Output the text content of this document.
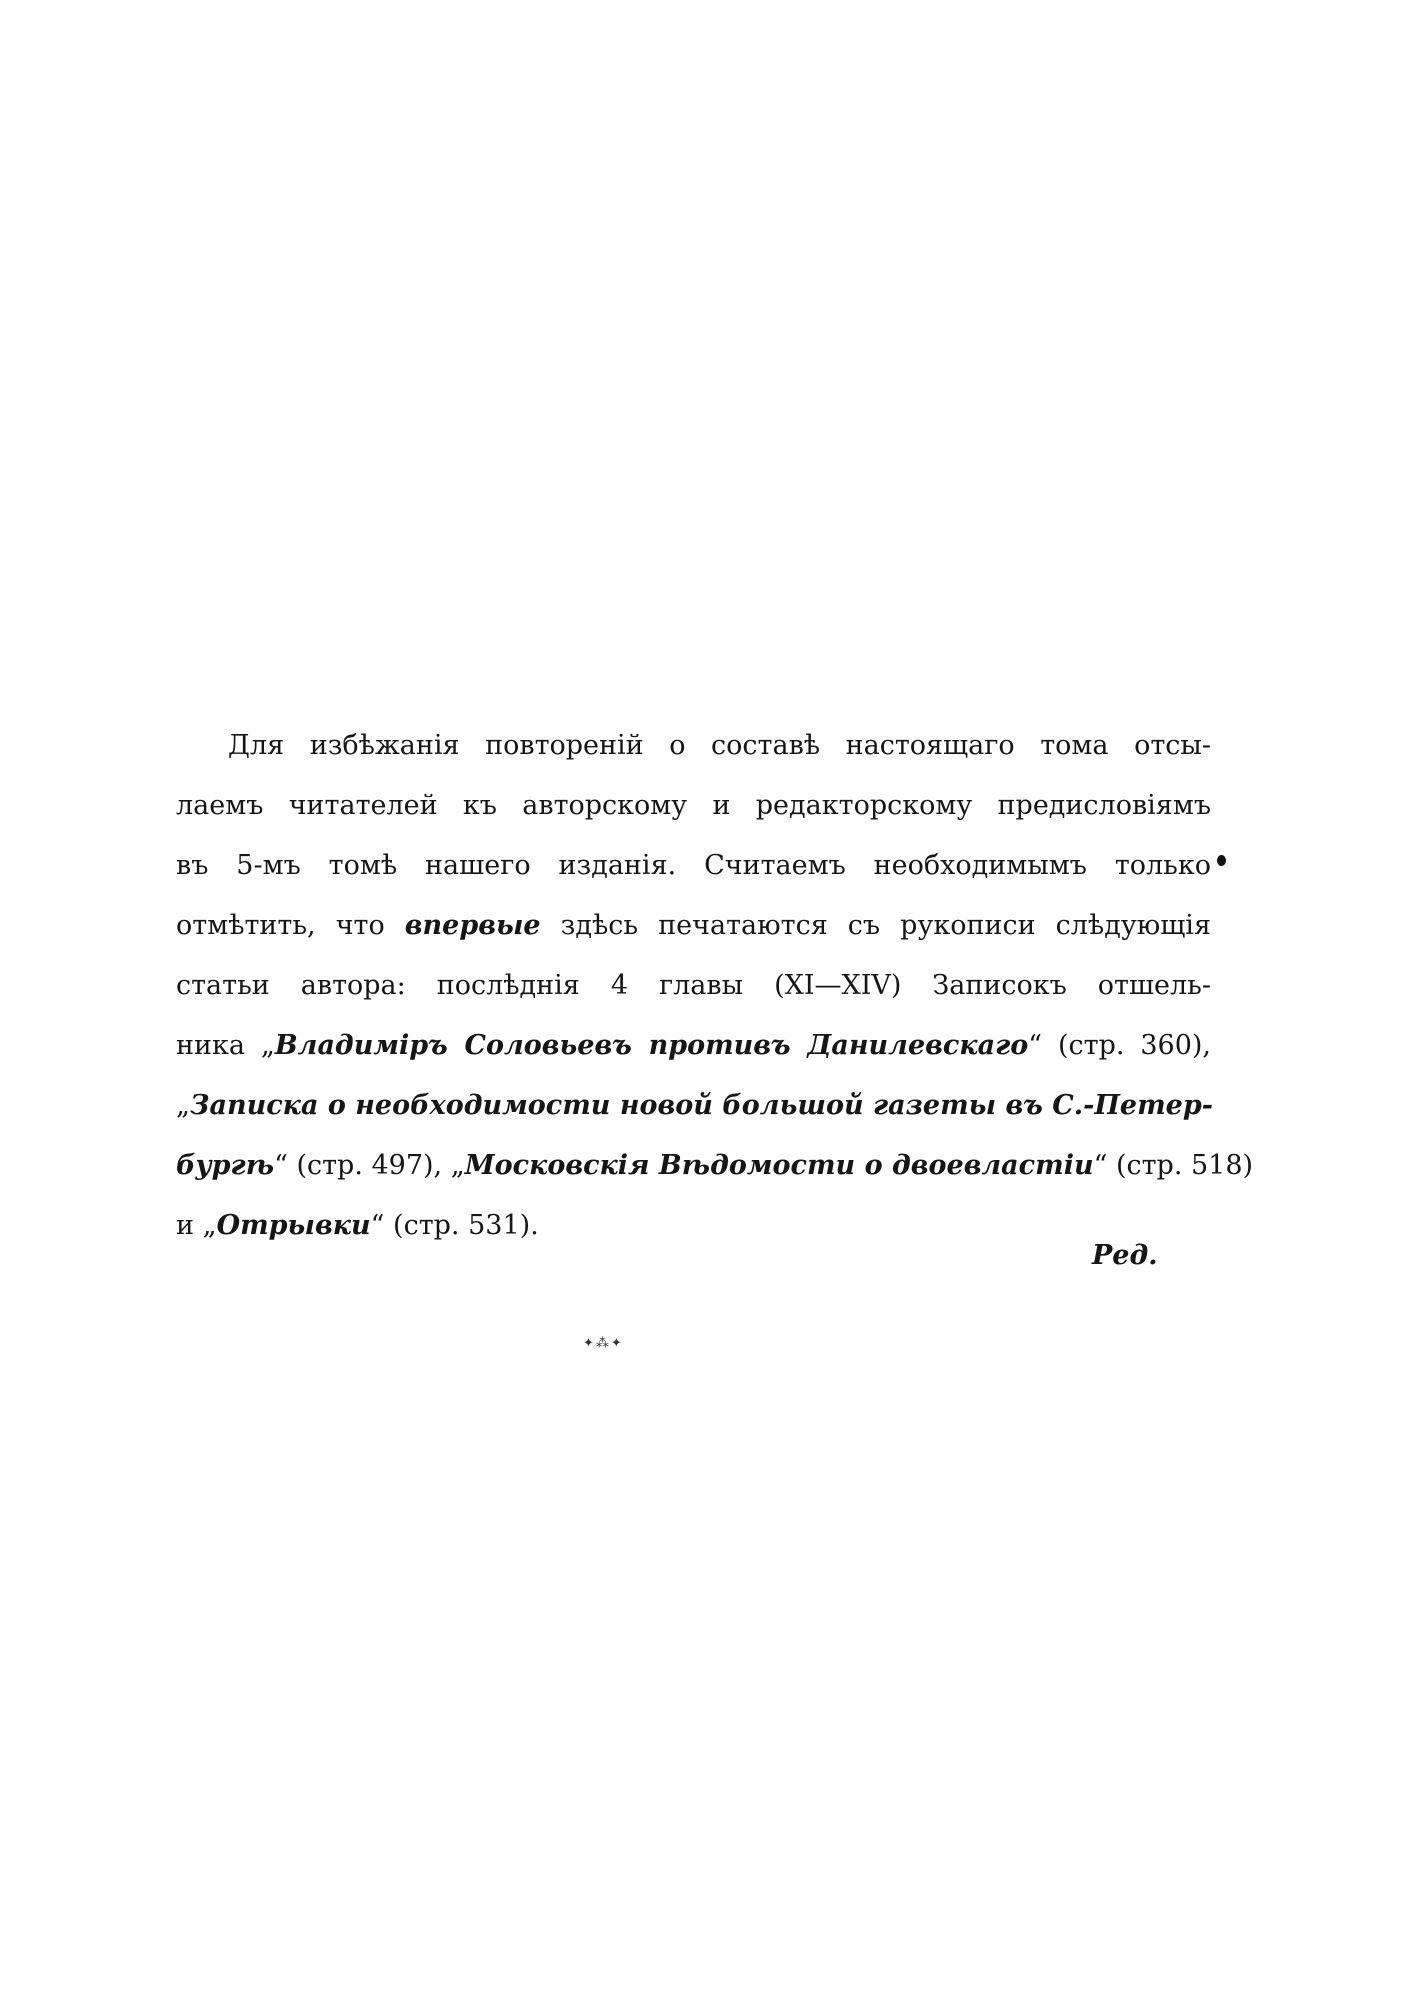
Для избѣжанія повтореній о составѣ настоящаго тома отсы-
лаемъ читателей къ авторскому и редакторскому предисловіямъ
въ 5-мъ томѣ нашего изданія. Считаемъ необходимымъ только
отмѣтить, что впервые здѣсь печатаются съ рукописи слѣдующія
статьи автора: послѣднія 4 главы (XI—XIV) Записокъ отшель-
ника „Владиміръ Соловьевъ противъ Данилевскаго“ (стр. 360),
„Записка о необходимости новой большой газеты въ С.-Петер-
бургѣ“ (стр. 497), „Московскія Вѣдомости о двоевластіи“ (стр. 518)
и „Отрывки“ (стр. 531).
Ред.
✦⁂✦
